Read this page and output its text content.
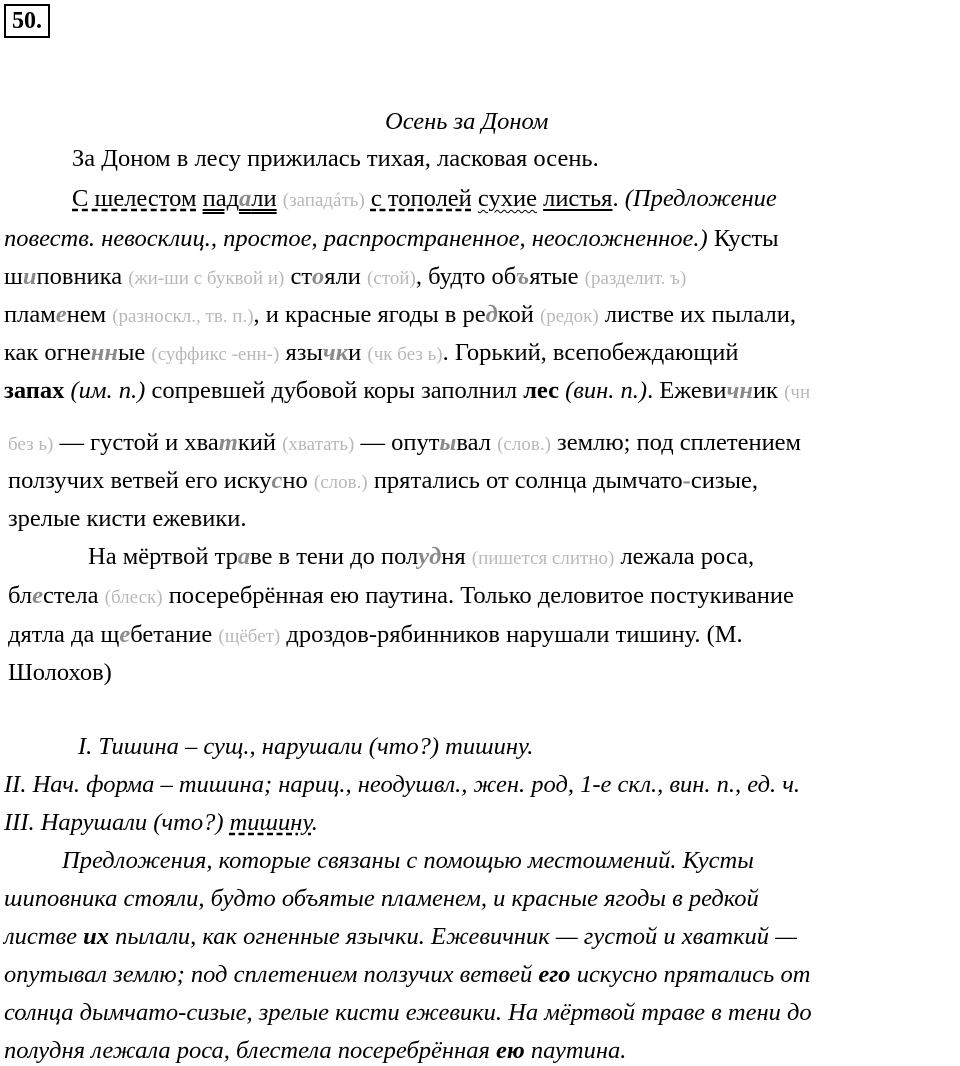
50.
Осень за Доном
За Доном в лесу прижилась тихая, ласковая осень.
С шелестом падали (западáть) с тополей сухие листья. (Предложение
повеств. невосклиц., простое, распространенное, неосложненное.) Кусты
шиповника (жи-ши с буквой и) стояли (стой), будто объятые (разделит. ъ)
пламенем (разноскл., тв. п.), и красные ягоды в редкой (редок) листве их пылали,
как огненные (суффикс -енн-) язычки (чк без ь). Горький, всепобеждающий
запах (им. п.) сопревшей дубовой коры заполнил лес (вин. п.). Ежевичник (чн
без ь) — густой и хваткий (хватать) — опутывал (слов.) землю; под сплетением
ползучих ветвей его искусно (слов.) прятались от солнца дымчато-сизые,
зрелые кисти ежевики.
На мёртвой траве в тени до полудня (пишется слитно) лежала роса,
блестела (блеск) посеребрённая ею паутина. Только деловитое постукивание
дятла да щебетание (щёбет) дроздов-рябинников нарушали тишину. (М.
Шолохов)
I. Тишина – сущ., нарушали (что?) тишину.
II. Нач. форма – тишина; нариц., неодушвл., жен. род, 1-е скл., вин. п., ед. ч.
III. Нарушали (что?) тишину.
Предложения, которые связаны с помощью местоимений. Кусты
шиповника стояли, будто объятые пламенем, и красные ягоды в редкой
листве их пылали, как огненные язычки. Ежевичник — густой и хваткий —
опутывал землю; под сплетением ползучих ветвей его искусно прятались от
солнца дымчато-сизые, зрелые кисти ежевики. На мёртвой траве в тени до
полудня лежала роса, блестела посеребрённая ею паутина.
